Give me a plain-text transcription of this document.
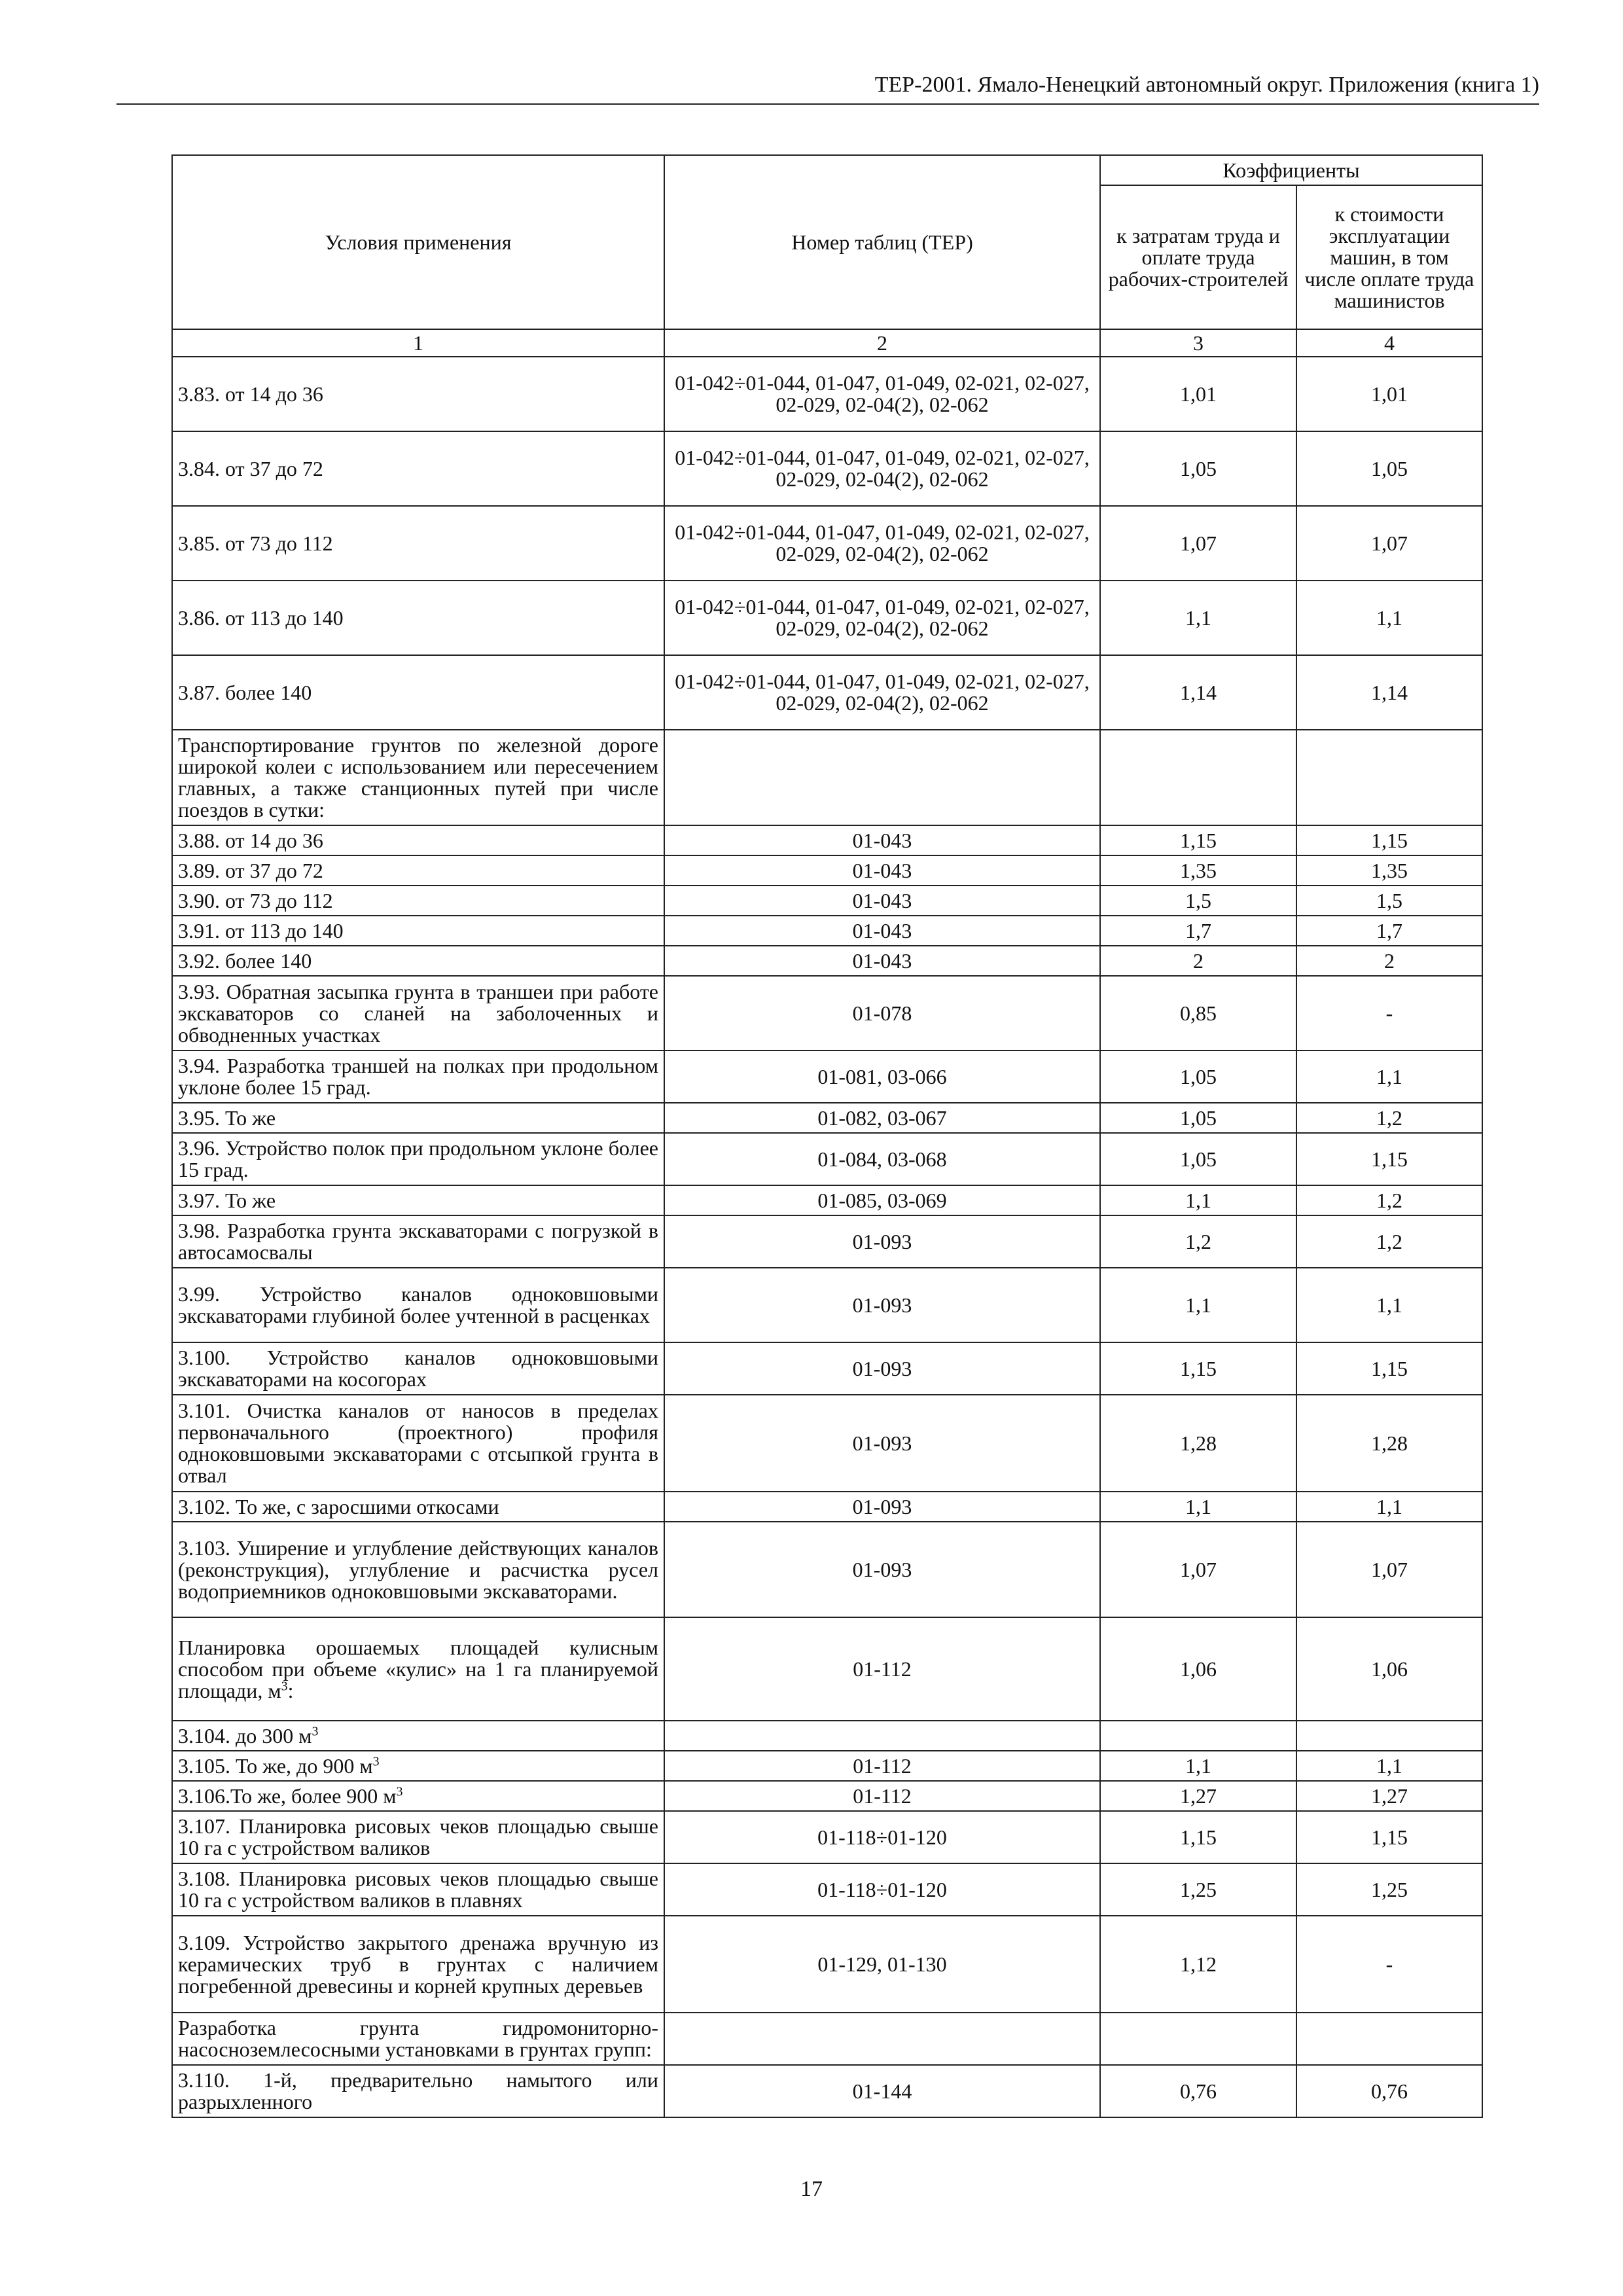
ТЕР-2001. Ямало-Ненецкий автономный округ. Приложения (книга 1)
Условия применения	Номер таблиц (ТЕР)	Коэффициенты	
		к затратам труда и оплате труда рабочих-строителей	к стоимости эксплуатации машин, в том числе оплате труда машинистов
1	2	3	4
3.83. от 14 до 36	01-042÷01-044, 01-047, 01-049, 02-021, 02-027, 02-029, 02-04(2), 02-062	1,01	1,01
3.84. от 37 до 72	01-042÷01-044, 01-047, 01-049, 02-021, 02-027, 02-029, 02-04(2), 02-062	1,05	1,05
3.85. от 73 до 112	01-042÷01-044, 01-047, 01-049, 02-021, 02-027, 02-029, 02-04(2), 02-062	1,07	1,07
3.86. от 113 до 140	01-042÷01-044, 01-047, 01-049, 02-021, 02-027, 02-029, 02-04(2), 02-062	1,1	1,1
3.87. более 140	01-042÷01-044, 01-047, 01-049, 02-021, 02-027, 02-029, 02-04(2), 02-062	1,14	1,14
Транспортирование грунтов по железной дороге широкой колеи с использованием или пересечением главных, а также станционных путей при числе поездов в сутки:			
3.88. от 14 до 36	01-043	1,15	1,15
3.89. от 37 до 72	01-043	1,35	1,35
3.90. от 73 до 112	01-043	1,5	1,5
3.91. от 113 до 140	01-043	1,7	1,7
3.92. более 140	01-043	2	2
3.93. Обратная засыпка грунта в траншеи при работе экскаваторов со сланей на заболоченных и обводненных участках	01-078	0,85	-
3.94. Разработка траншей на полках при продольном уклоне более 15 град.	01-081, 03-066	1,05	1,1
3.95. То же	01-082, 03-067	1,05	1,2
3.96. Устройство полок при продольном уклоне более 15 град.	01-084, 03-068	1,05	1,15
3.97. То же	01-085, 03-069	1,1	1,2
3.98. Разработка грунта экскаваторами с погрузкой в автосамосвалы	01-093	1,2	1,2
3.99. Устройство каналов одноковшовыми экскаваторами глубиной более учтенной в расценках	01-093	1,1	1,1
3.100. Устройство каналов одноковшовыми экскаваторами на косогорах	01-093	1,15	1,15
3.101. Очистка каналов от наносов в пределах первоначального (проектного) профиля одноковшовыми экскаваторами с отсыпкой грунта в отвал	01-093	1,28	1,28
3.102. То же, с заросшими откосами	01-093	1,1	1,1
3.103. Уширение и углубление действующих каналов (реконструкция), углубление и расчистка русел водоприемников одноковшовыми экскаваторами.	01-093	1,07	1,07
Планировка орошаемых площадей кулисным способом при объеме «кулис» на 1 га планируемой площади, $м^3$:	01-112	1,06	1,06
3.104. до 300 $м^3$			
3.105. То же, до 900 $м^3$	01-112	1,1	1,1
3.106.То же, более 900 $м^3$	01-112	1,27	1,27
3.107. Планировка рисовых чеков площадью свыше 10 га с устройством валиков	01-118÷01-120	1,15	1,15
3.108. Планировка рисовых чеков площадью свыше 10 га с устройством валиков в плавнях	01-118÷01-120	1,25	1,25
3.109. Устройство закрытого дренажа вручную из керамических труб в грунтах с наличием погребенной древесины и корней крупных деревьев	01-129, 01-130	1,12	-
Разработка грунта гидромониторно-насосноземлесосными установками в грунтах групп:			
3.110. 1-й, предварительно намытого или разрыхленного	01-144	0,76	0,76
17
